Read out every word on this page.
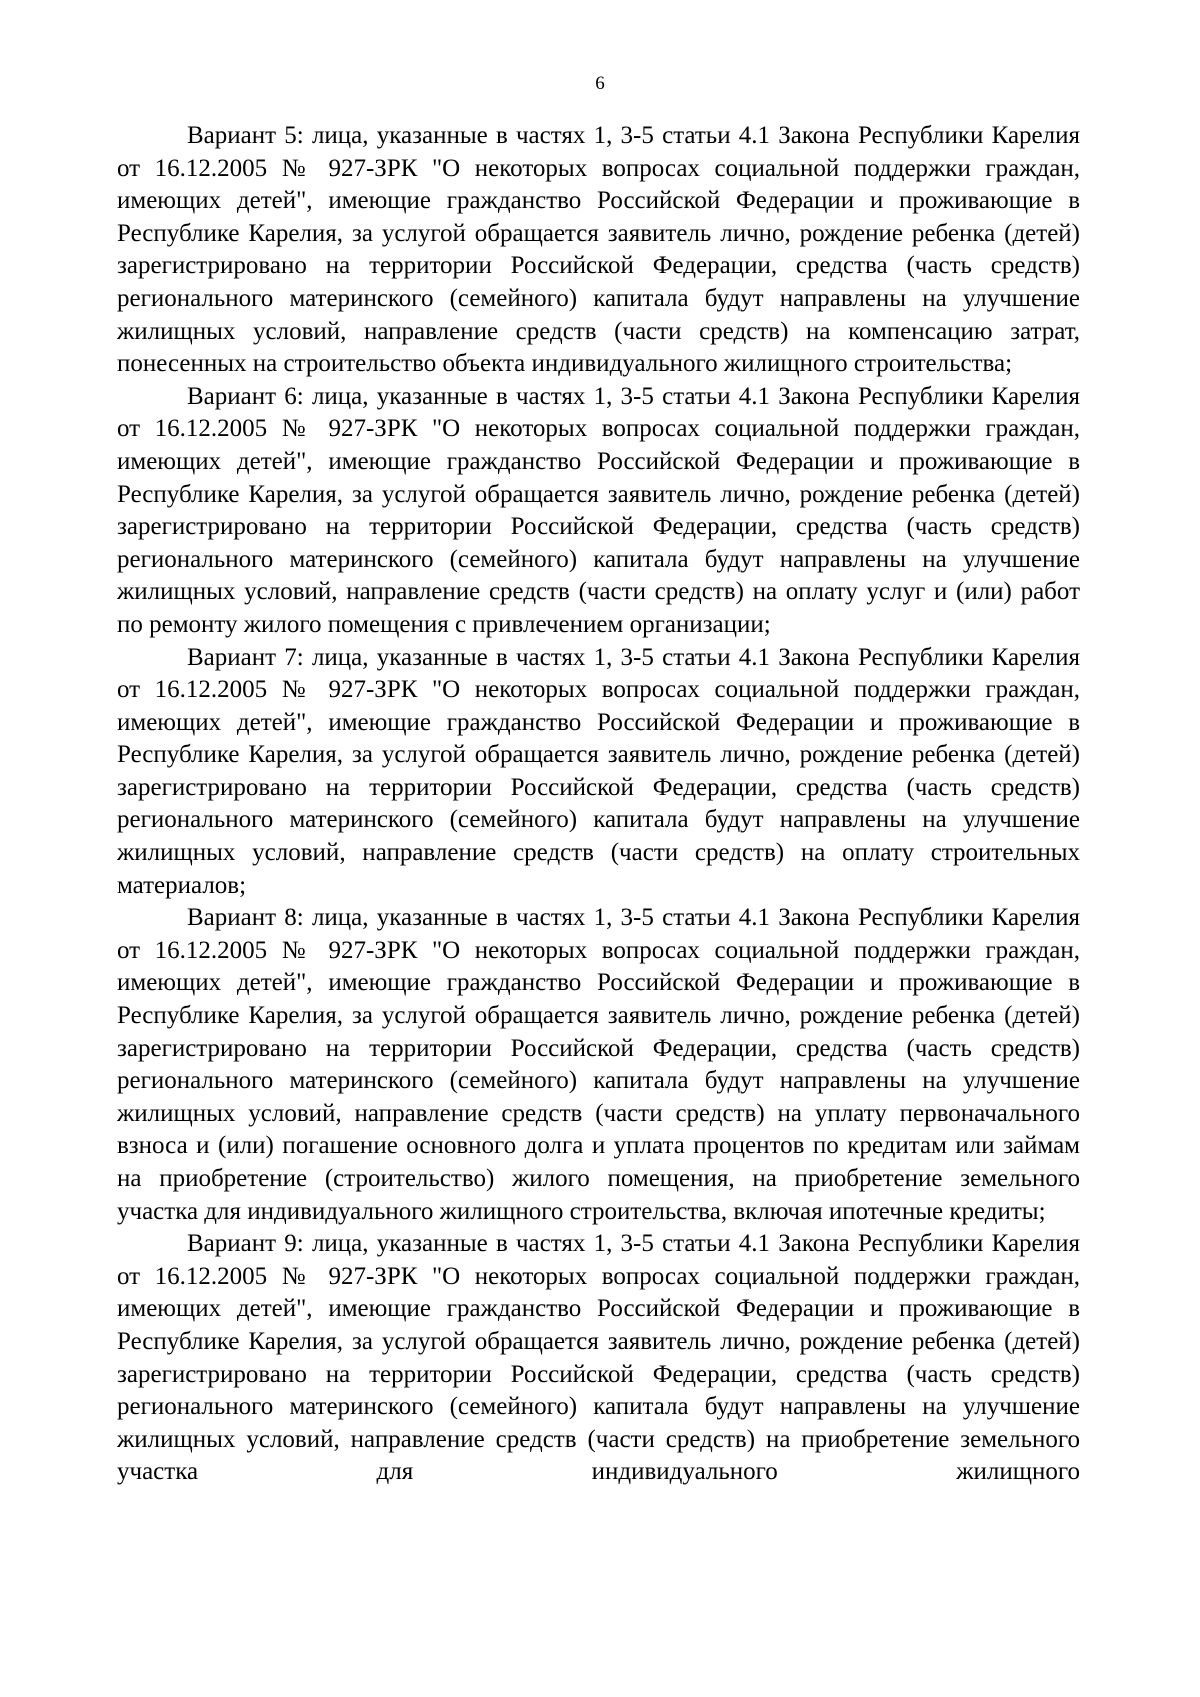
6

Вариант 5: лица, указанные в частях 1, 3-5 статьи 4.1 Закона Республики Карелия от 16.12.2005 № 927-ЗРК "О некоторых вопросах социальной поддержки граждан, имеющих детей", имеющие гражданство Российской Федерации и проживающие в Республике Карелия, за услугой обращается заявитель лично, рождение ребенка (детей) зарегистрировано на территории Российской Федерации, средства (часть средств) регионального материнского (семейного) капитала будут направлены на улучшение жилищных условий, направление средств (части средств) на компенсацию затрат, понесенных на строительство объекта индивидуального жилищного строительства;

Вариант 6: лица, указанные в частях 1, 3-5 статьи 4.1 Закона Республики Карелия от 16.12.2005 № 927-ЗРК "О некоторых вопросах социальной поддержки граждан, имеющих детей", имеющие гражданство Российской Федерации и проживающие в Республике Карелия, за услугой обращается заявитель лично, рождение ребенка (детей) зарегистрировано на территории Российской Федерации, средства (часть средств) регионального материнского (семейного) капитала будут направлены на улучшение жилищных условий, направление средств (части средств) на оплату услуг и (или) работ по ремонту жилого помещения с привлечением организации;

Вариант 7: лица, указанные в частях 1, 3-5 статьи 4.1 Закона Республики Карелия от 16.12.2005 № 927-ЗРК "О некоторых вопросах социальной поддержки граждан, имеющих детей", имеющие гражданство Российской Федерации и проживающие в Республике Карелия, за услугой обращается заявитель лично, рождение ребенка (детей) зарегистрировано на территории Российской Федерации, средства (часть средств) регионального материнского (семейного) капитала будут направлены на улучшение жилищных условий, направление средств (части средств) на оплату строительных материалов;

Вариант 8: лица, указанные в частях 1, 3-5 статьи 4.1 Закона Республики Карелия от 16.12.2005 № 927-ЗРК "О некоторых вопросах социальной поддержки граждан, имеющих детей", имеющие гражданство Российской Федерации и проживающие в Республике Карелия, за услугой обращается заявитель лично, рождение ребенка (детей) зарегистрировано на территории Российской Федерации, средства (часть средств) регионального материнского (семейного) капитала будут направлены на улучшение жилищных условий, направление средств (части средств) на уплату первоначального взноса и (или) погашение основного долга и уплата процентов по кредитам или займам на приобретение (строительство) жилого помещения, на приобретение земельного участка для индивидуального жилищного строительства, включая ипотечные кредиты;

Вариант 9: лица, указанные в частях 1, 3-5 статьи 4.1 Закона Республики Карелия от 16.12.2005 № 927-ЗРК "О некоторых вопросах социальной поддержки граждан, имеющих детей", имеющие гражданство Российской Федерации и проживающие в Республике Карелия, за услугой обращается заявитель лично, рождение ребенка (детей) зарегистрировано на территории Российской Федерации, средства (часть средств) регионального материнского (семейного) капитала будут направлены на улучшение жилищных условий, направление средств (части средств) на приобретение земельного участка для индивидуального жилищного
